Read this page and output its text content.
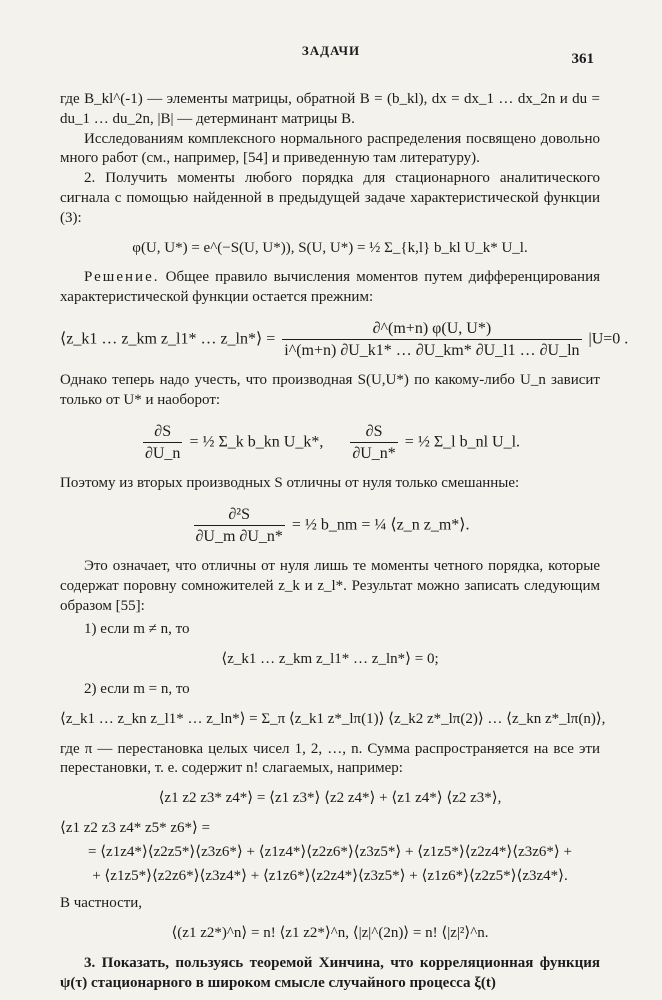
ЗАДАЧИ
361

где B_kl^(-1) — элементы матрицы, обратной B = (b_kl), dx = dx_1 … dx_2n и du = du_1 … du_2n, |B| — детерминант матрицы B.

Исследованиям комплексного нормального распределения посвящено довольно много работ (см., например, [54] и приведенную там литературу).

2. Получить моменты любого порядка для стационарного аналитического сигнала с помощью найденной в предыдущей задаче характеристической функции (3):

φ(U, U*) = e^(−S(U, U*)), S(U, U*) = ½ Σ_{k,l} b_kl U_k* U_l.

Решение. Общее правило вычисления моментов путем дифференцирования характеристической функции остается прежним:

⟨z_k1 … z_km z_l1* … z_ln*⟩ = $\frac{\partial\^{}(m+n) \varphi(U, U*)}{i\^{}(m+n) \partial U\_k1* \dots \partial U\_km* \partial U\_l1 \dots \partial U\_\ln} |U=0$ .

Однако теперь надо учесть, что производная S(U,U*) по какому-либо U_n зависит только от U* и наоборот:

$\frac{\partial S}{\partial U\_n}$ = ½ Σ_k b_kn U_k*, $\frac{\partial S}{\partial U\_n*}$ = ½ Σ_l b_nl U_l.

Поэтому из вторых производных S отличны от нуля только смешанные:

$\frac{\text{∂²S}}{\partial U\_m \partial U\_n*}$ = ½ b_nm = ¼ ⟨z_n z_m*⟩.

Это означает, что отличны от нуля лишь те моменты четного порядка, которые содержат поровну сомножителей z_k и z_l*. Результат можно записать следующим образом [55]:

1) если m ≠ n, то

⟨z_k1 … z_km z_l1* … z_ln*⟩ = 0;

2) если m = n, то

⟨z_k1 … z_kn z_l1* … z_ln*⟩ = Σ_π ⟨z_k1 z*_lπ(1)⟩ ⟨z_k2 z*_lπ(2)⟩ … ⟨z_kn z*_lπ(n)⟩,

где π — перестановка целых чисел 1, 2, …, n. Сумма распространяется на все эти перестановки, т. е. содержит n! слагаемых, например:

⟨z1 z2 z3* z4*⟩ = ⟨z1 z3*⟩ ⟨z2 z4*⟩ + ⟨z1 z4*⟩ ⟨z2 z3*⟩,
⟨z1 z2 z3 z4* z5* z6*⟩ =
= ⟨z1z4*⟩⟨z2z5*⟩⟨z3z6*⟩ + ⟨z1z4*⟩⟨z2z6*⟩⟨z3z5*⟩ + ⟨z1z5*⟩⟨z2z4*⟩⟨z3z6*⟩ +
+ ⟨z1z5*⟩⟨z2z6*⟩⟨z3z4*⟩ + ⟨z1z6*⟩⟨z2z4*⟩⟨z3z5*⟩ + ⟨z1z6*⟩⟨z2z5*⟩⟨z3z4*⟩.

В частности,

⟨(z1 z2*)^n⟩ = n! ⟨z1 z2*⟩^n, ⟨|z|^(2n)⟩ = n! ⟨|z|²⟩^n.

3. Показать, пользуясь теоремой Хинчина, что корреляционная функция ψ(τ) стационарного в широком смысле случайного процесса ξ(t)
